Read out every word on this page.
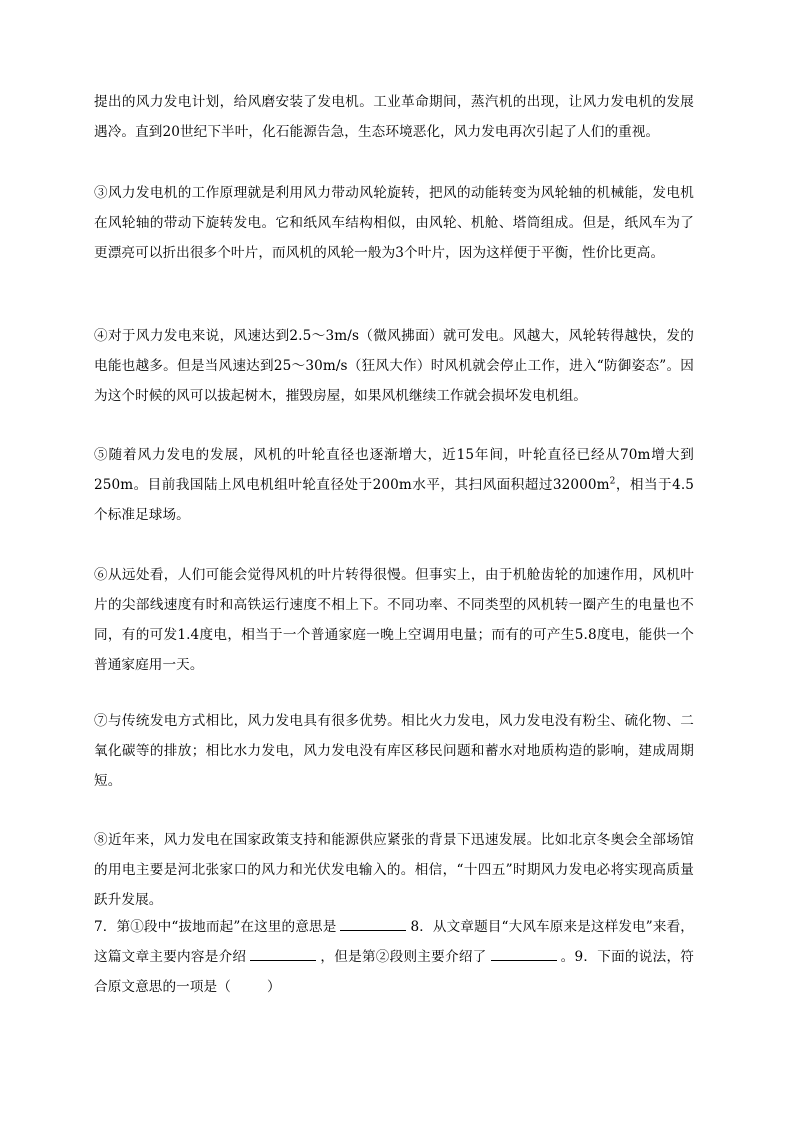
提出的风力发电计划，给风磨安装了发电机。工业革命期间，蒸汽机的出现，让风力发电机的发展遇冷。直到20世纪下半叶，化石能源告急，生态环境恶化，风力发电再次引起了人们的重视。
③风力发电机的工作原理就是利用风力带动风轮旋转，把风的动能转变为风轮轴的机械能，发电机在风轮轴的带动下旋转发电。它和纸风车结构相似，由风轮、机舱、塔筒组成。但是，纸风车为了更漂亮可以折出很多个叶片，而风机的风轮一般为3个叶片，因为这样便于平衡，性价比更高。
④对于风力发电来说，风速达到2.5～3m/s（微风拂面）就可发电。风越大，风轮转得越快，发的电能也越多。但是当风速达到25～30m/s（狂风大作）时风机就会停止工作，进入“防御姿态”。因为这个时候的风可以拔起树木，摧毁房屋，如果风机继续工作就会损坏发电机组。
⑤随着风力发电的发展，风机的叶轮直径也逐渐增大，近15年间，叶轮直径已经从70m增大到250m。目前我国陆上风电机组叶轮直径处于200m水平，其扫风面积超过$32000m^2$，相当于4.5个标准足球场。
⑥从远处看，人们可能会觉得风机的叶片转得很慢。但事实上，由于机舱齿轮的加速作用，风机叶片的尖部线速度有时和高铁运行速度不相上下。不同功率、不同类型的风机转一圈产生的电量也不同，有的可发1.4度电，相当于一个普通家庭一晚上空调用电量；而有的可产生5.8度电，能供一个普通家庭用一天。
⑦与传统发电方式相比，风力发电具有很多优势。相比火力发电，风力发电没有粉尘、硫化物、二氧化碳等的排放；相比水力发电，风力发电没有库区移民问题和蓄水对地质构造的影响，建成周期短。
⑧近年来，风力发电在国家政策支持和能源供应紧张的背景下迅速发展。比如北京冬奥会全部场馆的用电主要是河北张家口的风力和光伏发电输入的。相信，“十四五”时期风力发电必将实现高质量跃升发展。
7．第①段中“拔地而起”在这里的意思是	8．从文章题目“大风车原来是这样发电”来看，这篇文章主要内容是介绍	，但是第②段则主要介绍了	。9．下面的说法，符合原文意思的一项是（	）
